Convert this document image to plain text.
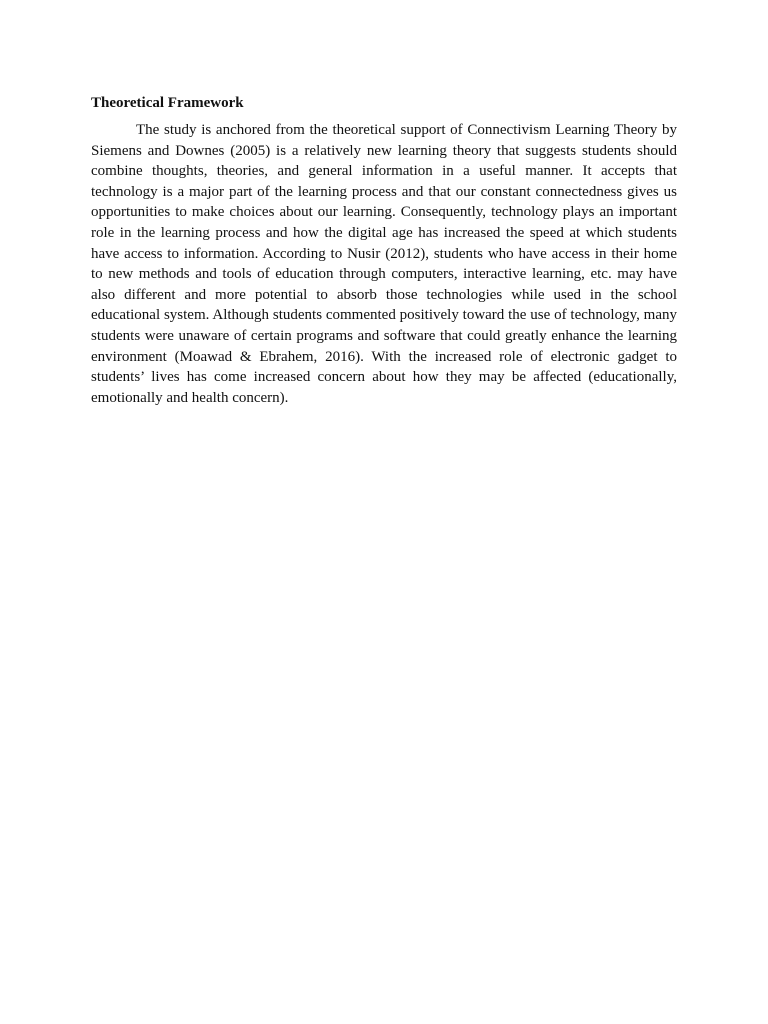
Theoretical Framework

The study is anchored from the theoretical support of Connectivism Learning Theory by Siemens and Downes (2005) is a relatively new learning theory that suggests students should combine thoughts, theories, and general information in a useful manner. It accepts that technology is a major part of the learning process and that our constant connectedness gives us opportunities to make choices about our learning. Consequently, technology plays an important role in the learning process and how the digital age has increased the speed at which students have access to information. According to Nusir (2012), students who have access in their home to new methods and tools of education through computers, interactive learning, etc. may have also different and more potential to absorb those technologies while used in the school educational system. Although students commented positively toward the use of technology, many students were unaware of certain programs and software that could greatly enhance the learning environment (Moawad & Ebrahem, 2016). With the increased role of electronic gadget to students’ lives has come increased concern about how they may be affected (educationally, emotionally and health concern).
